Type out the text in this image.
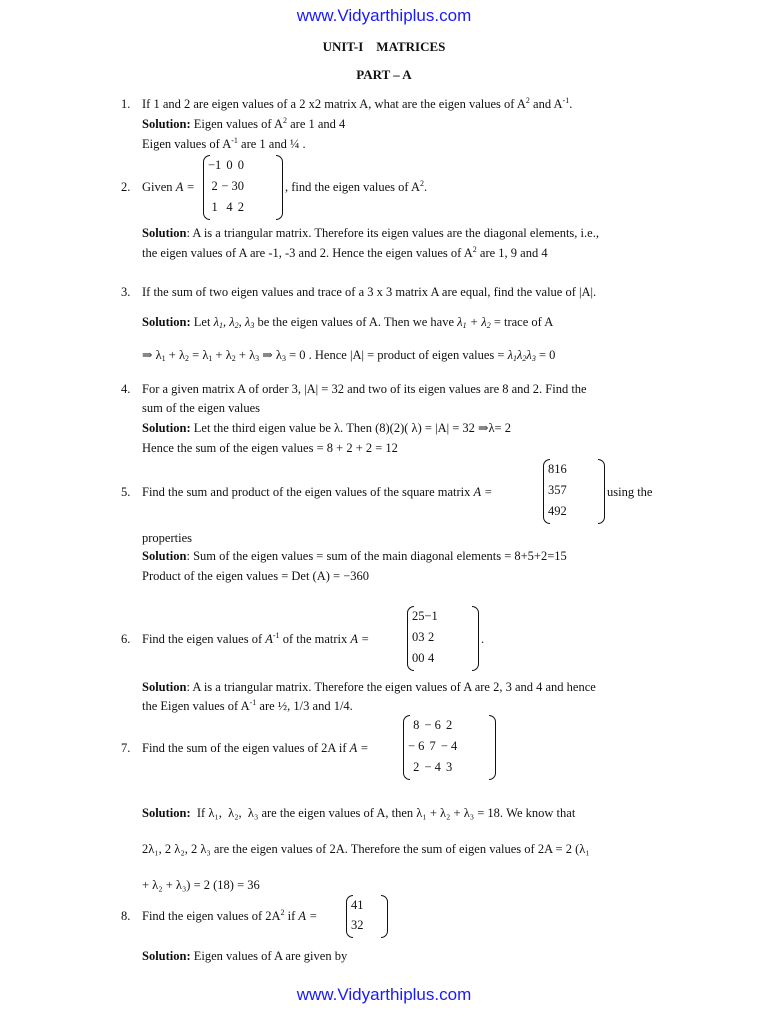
www.Vidyarthiplus.com
UNIT-I    MATRICES
PART – A
1. If 1 and 2 are eigen values of a 2 x2 matrix A, what are the eigen values of $A^2$ and $A^{-1}$.
Solution: Eigen values of $A^2$ are 1 and 4
Eigen values of $A^{-1}$ are 1 and ¼ .
2. Given A =
−1	0	0
2	− 3	0
1	4	2
, find the eigen values of $A^2$.
Solution: A is a triangular matrix. Therefore its eigen values are the diagonal elements, i.e.,
the eigen values of A are -1, -3 and 2. Hence the eigen values of $A^2$ are 1, 9 and 4
3. If the sum of two eigen values and trace of a 3 x 3 matrix A are equal, find the value of |A|.
Solution: Let $\lambda_1$, $\lambda_2$, $\lambda_3$ be the eigen values of A. Then we have $\lambda_1 + \lambda_2$ = trace of A
⇒ $\lambda_1 + \lambda_2 = \lambda_1 + \lambda_2 + \lambda_3$ ⇒ $\lambda_3 = 0$ . Hence |A| = product of eigen values = $\lambda_1\lambda_2\lambda_3 = 0$
4. For a given matrix A of order 3, |A| = 32 and two of its eigen values are 8 and 2. Find the
sum of the eigen values
Solution: Let the third eigen value be λ. Then (8)(2)( λ) = |A| = 32 ⇒λ= 2
Hence the sum of the eigen values = 8 + 2 + 2 = 12
5. Find the sum and product of the eigen values of the square matrix A =
8	1	6
3	5	7
4	9	2
using the
properties
Solution: Sum of the eigen values = sum of the main diagonal elements = 8+5+2=15
Product of the eigen values = Det (A) = −360
6. Find the eigen values of $A^{-1}$ of the matrix A =
2	5	−1
0	3	2
0	0	4
.
Solution: A is a triangular matrix. Therefore the eigen values of A are 2, 3 and 4 and hence
the Eigen values of $A^{-1}$ are ½, 1/3 and 1/4.
7. Find the sum of the eigen values of 2A if A =
8	− 6	2
− 6	7	− 4
2	− 4	3
Solution:  If λ₁,  λ₂,  λ₃ are the eigen values of A, then λ₁ + λ₂ + λ₃ = 18. We know that
2λ₁, 2 λ₂, 2 λ₃ are the eigen values of 2A. Therefore the sum of eigen values of 2A = 2 (λ₁
+ λ₂ + λ₃) = 2 (18) = 36
8. Find the eigen values of $2A^2$ if A =
4	1
3	2
Solution: Eigen values of A are given by
www.Vidyarthiplus.com
